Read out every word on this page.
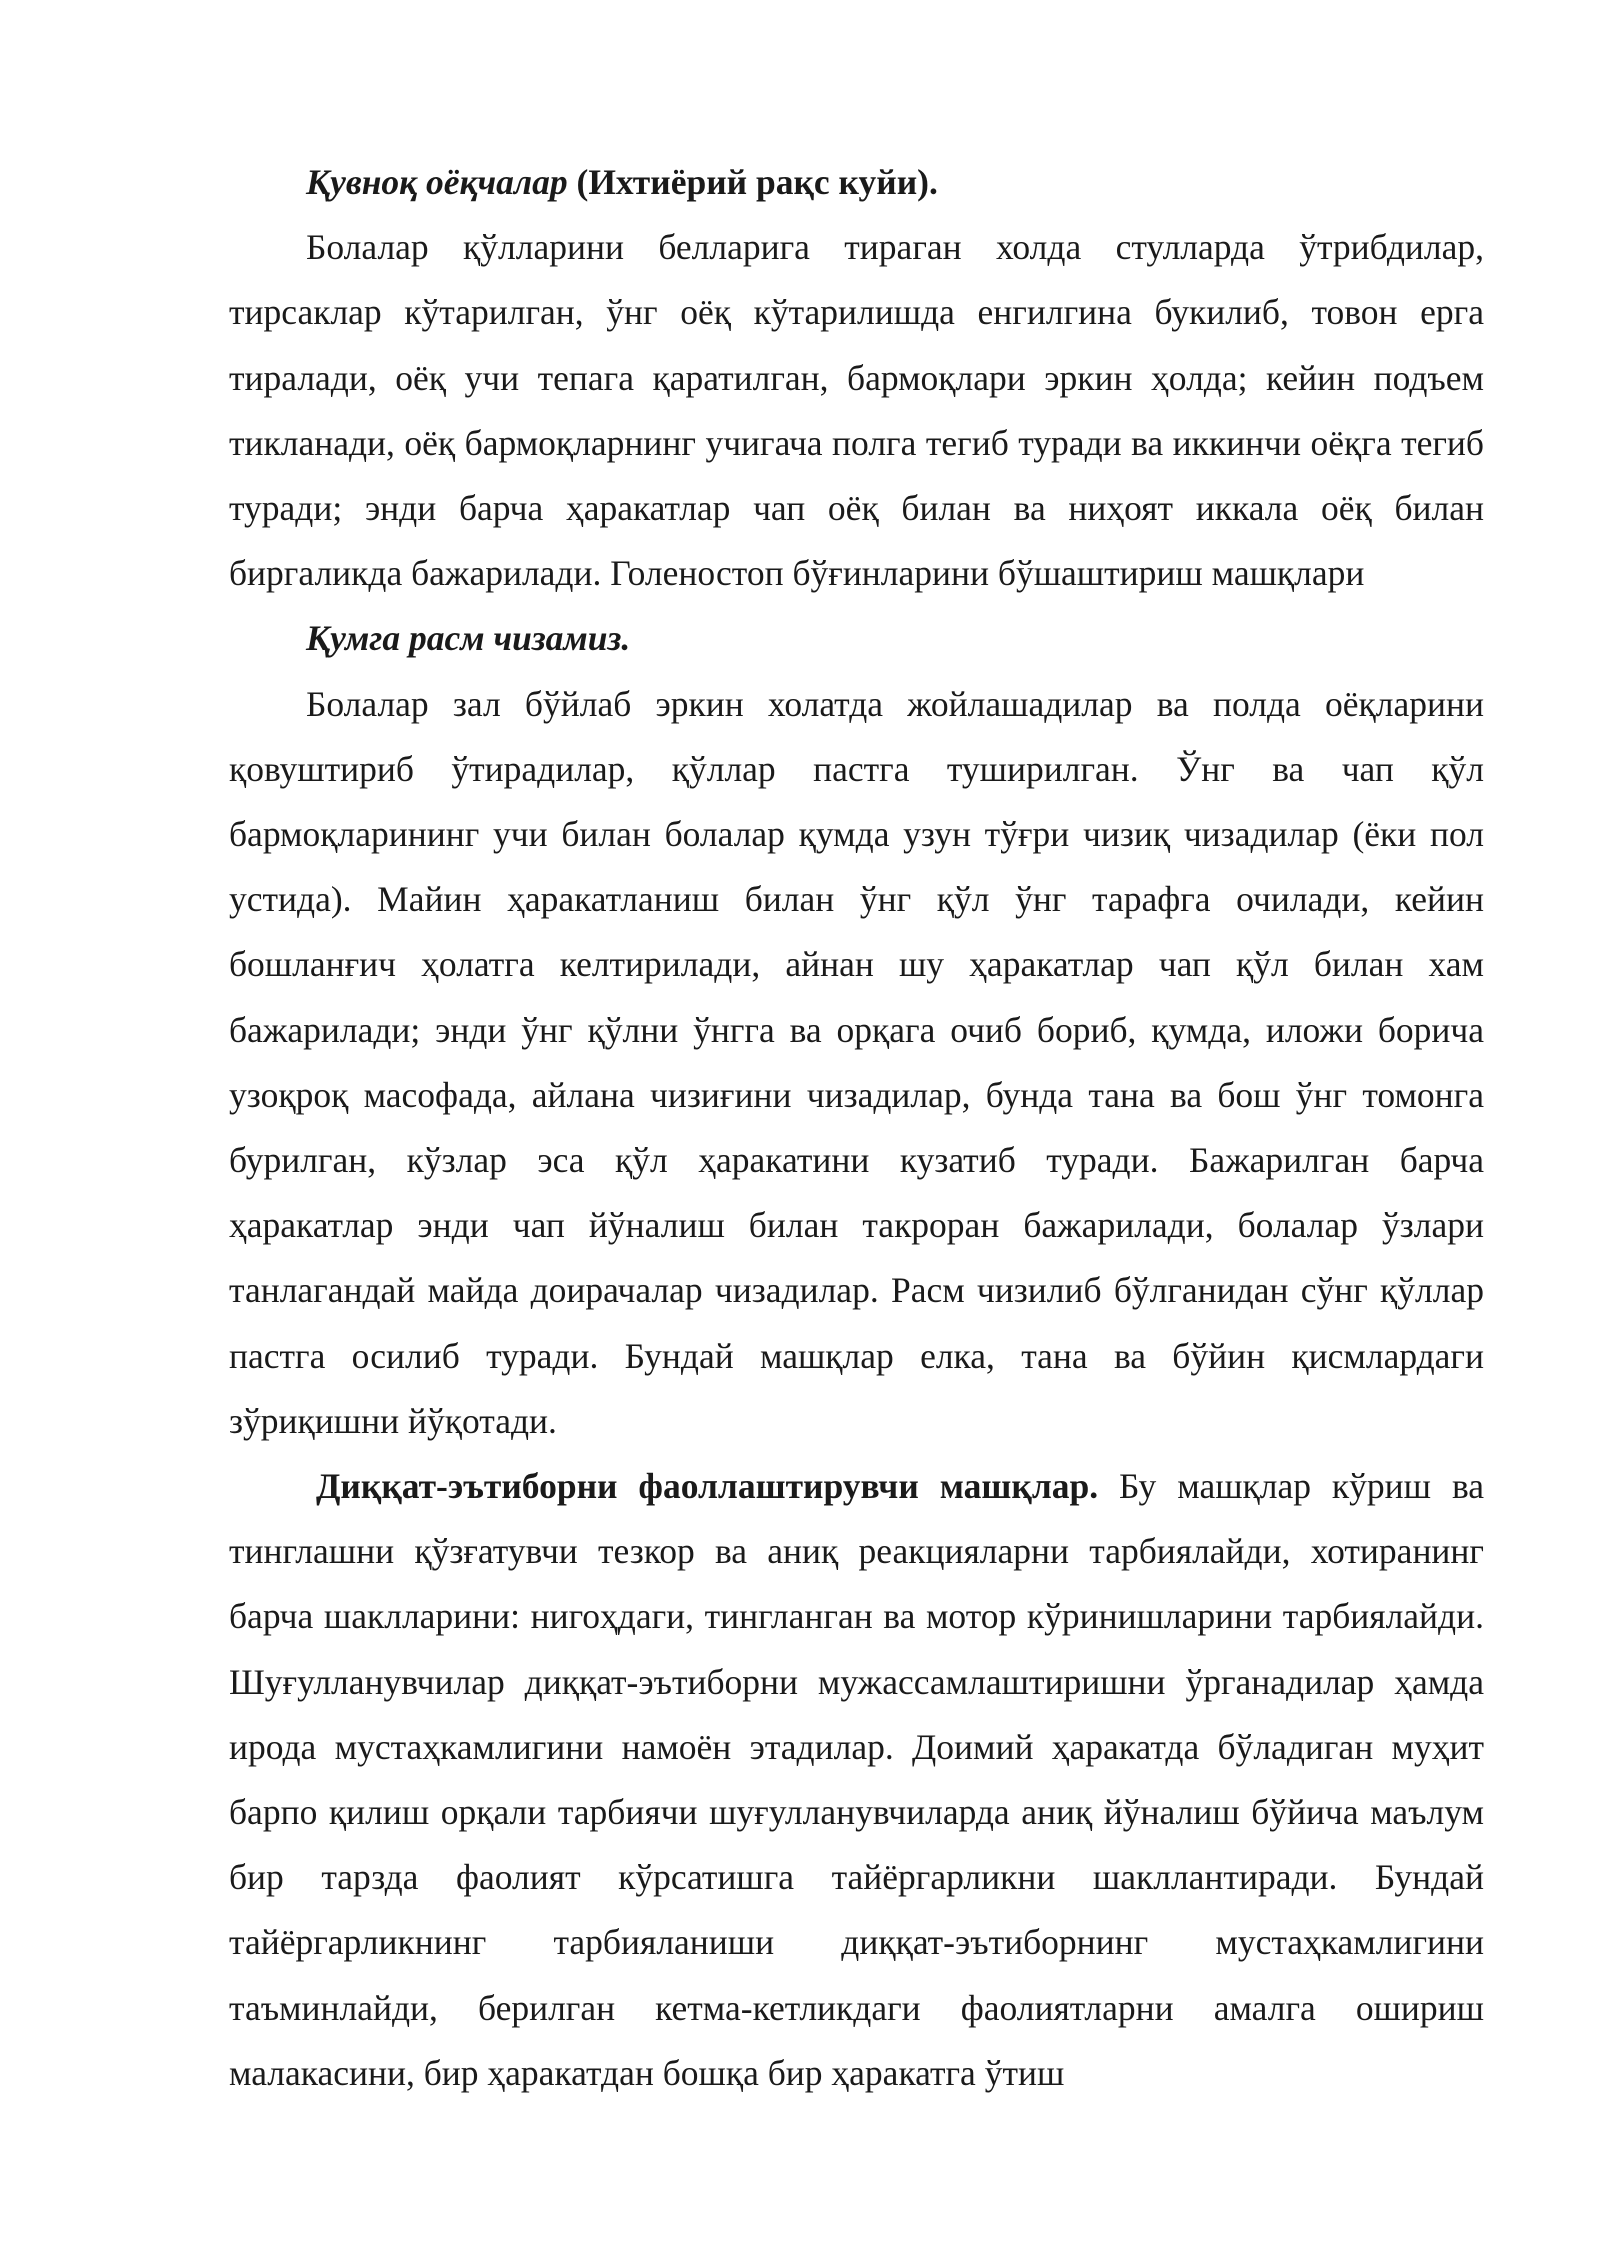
Қувноқ оёқчалар (Ихтиёрий рақс куйи).

Болалар қўлларини белларига тираган холда стулларда ўтрибдилар, тирсаклар кўтарилган, ўнг оёқ кўтарилишда енгилгина букилиб, товон ерга тиралади, оёқ учи тепага қаратилган, бармоқлари эркин ҳолда; кейин подъем тикланади, оёқ бармоқларнинг учигача полга тегиб туради ва иккинчи оёқга тегиб туради; энди барча ҳаракатлар чап оёқ билан ва ниҳоят иккала оёқ билан биргаликда бажарилади. Голеностоп бўғинларини бўшаштириш машқлари

Қумга расм чизамиз.

Болалар зал бўйлаб эркин холатда жойлашадилар ва полда оёқларини қовуштириб ўтирадилар, қўллар пастга туширилган. Ўнг ва чап қўл бармоқларининг учи билан болалар қумда узун тўғри чизиқ чизадилар (ёки пол устида). Майин ҳаракатланиш билан ўнг қўл ўнг тарафга очилади, кейин бошланғич ҳолатга келтирилади, айнан шу ҳаракатлар чап қўл билан хам бажарилади; энди ўнг қўлни ўнгга ва орқага очиб бориб, қумда, иложи борича узоқроқ масофада, айлана чизиғини чизадилар, бунда тана ва бош ўнг томонга бурилган, кўзлар эса қўл ҳаракатини кузатиб туради. Бажарилган барча ҳаракатлар энди чап йўналиш билан такроран бажарилади, болалар ўзлари танлагандай майда доирачалар чизадилар. Расм чизилиб бўлганидан сўнг қўллар пастга осилиб туради. Бундай машқлар елка, тана ва бўйин қисмлардаги зўриқишни йўқотади.

Диққат-эътиборни фаоллаштирувчи машқлар. Бу машқлар кўриш ва тинглашни қўзғатувчи тезкор ва аниқ реакцияларни тарбиялайди, хотиранинг барча шаклларини: нигоҳдаги, тингланган ва мотор кўринишларини тарбиялайди. Шуғулланувчилар диққат-эътиборни мужассамлаштиришни ўрганадилар ҳамда ирода мустаҳкамлигини намоён этадилар. Доимий ҳаракатда бўладиган муҳит барпо қилиш орқали тарбиячи шуғулланувчиларда аниқ йўналиш бўйича маълум бир тарзда фаолият кўрсатишга тайёргарликни шакллантиради. Бундай тайёргарликнинг тарбияланиши диққат-эътиборнинг мустаҳкамлигини таъминлайди, берилган кетма-кетликдаги фаолиятларни амалга ошириш малакасини, бир ҳаракатдан бошқа бир ҳаракатга ўтиш
